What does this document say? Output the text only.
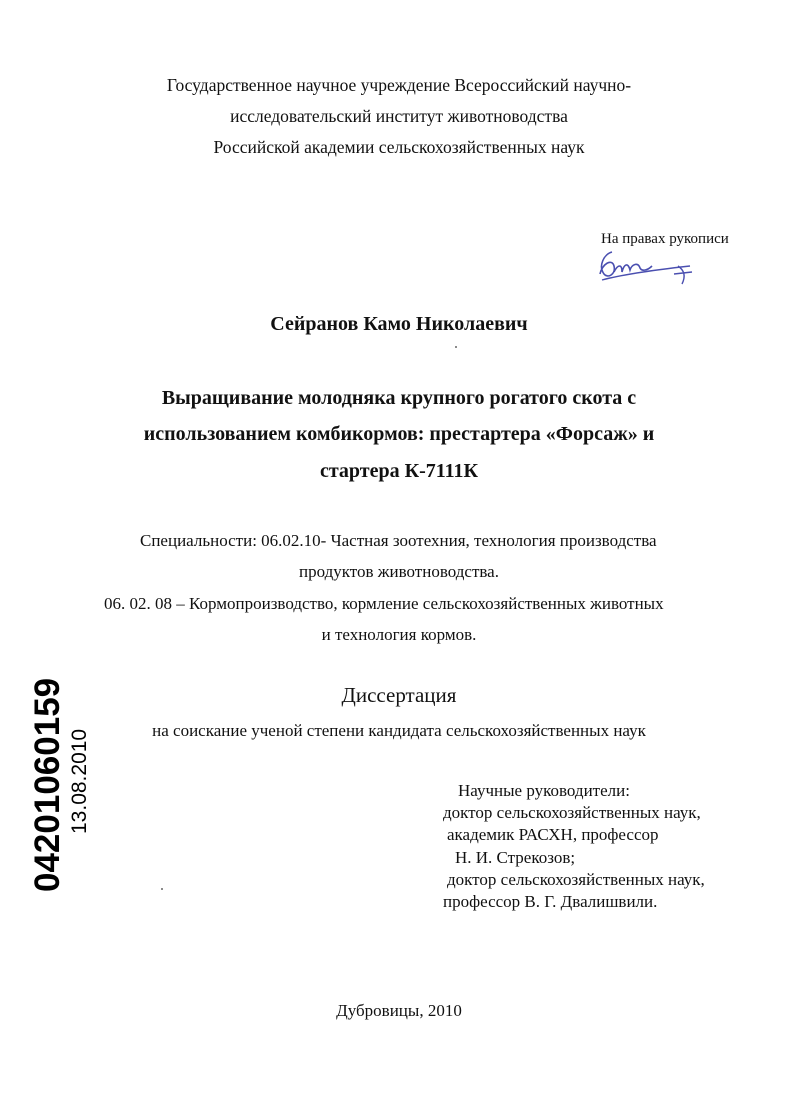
Государственное научное учреждение Всероссийский научно-
исследовательский институт животноводства
Российской академии сельскохозяйственных наук
На правах рукописи
Сейранов Камо Николаевич
Выращивание молодняка крупного рогатого скота с
использованием комбикормов: престартера «Форсаж» и
стартера К-7111К
Специальности: 06.02.10- Частная зоотехния, технология производства
продуктов животноводства.
06. 02. 08 – Кормопроизводство, кормление сельскохозяйственных животных
и технология кормов.
Диссертация
на соискание ученой степени кандидата сельскохозяйственных наук
Научные руководители:
доктор сельскохозяйственных наук,
академик РАСХН, профессор
Н. И. Стрекозов;
доктор сельскохозяйственных наук,
профессор В. Г. Двалишвили.
Дубровицы, 2010
04201060159 13.08.2010
